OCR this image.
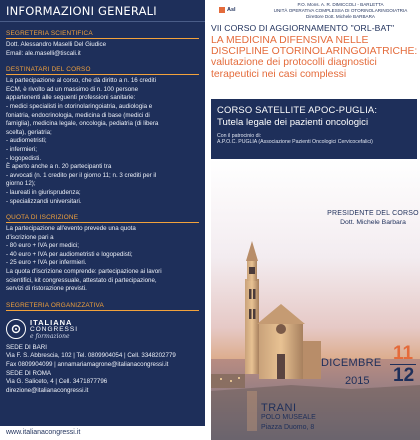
INFORMAZIONI GENERALI
SEGRETERIA SCIENTIFICA
Dott. Alessandro Maselli Del Giudice
Email: ale.maselli@tiscali.it
DESTINATARI DEL CORSO
La partecipazione al corso, che dà diritto a n. 16 crediti
ECM, è rivolto ad un massimo di n. 100 persone
appartenenti alle seguenti professioni sanitarie:
- medici specialisti in otorinolaringoiatria, audiologia e
foniatria, endocrinologia, medicina di base (medici di
famiglia), medicina legale, oncologia, pediatria (di libera
scelta), geriatria;
- audiometristi;
- infermieri;
- logopedisti.
È aperto anche a n. 20 partecipanti tra
- avvocati (n. 1 credito per il giorno 11; n. 3 crediti per il
giorno 12);
- laureati in giurisprudenza;
- specializzandi universitari.
QUOTA DI ISCRIZIONE
La partecipazione all'evento prevede una quota
d'iscrizione pari a
- 80 euro + IVA per medici;
- 40 euro + IVA per audiometristi e logopedisti;
- 25 euro + IVA per infermieri.
La quota d'iscrizione comprende: partecipazione ai lavori
scientifici, kit congressuale, attestato di partecipazione,
servizi di ristorazione previsti.
SEGRETERIA ORGANIZZATIVA
ITALIANA
CONGRESSI
e formazione
SEDE DI BARI
Via F. S. Abbrescia, 102 | Tel. 0809904054 | Cell. 3348202779
Fax 0809904099 | annamariamagrone@italianacongressi.it
SEDE DI ROMA
Via G. Saliceto, 4 | Cell. 3471877796
direzione@italianacongressi.it
www.italianacongressi.it
Asl
P.O. Mons. A. R. DIMICCOLI - BARLETTA
UNITÀ OPERATIVA COMPLESSA DI OTORINOLARINGOIATRIA
Direttore Dott. Michele BARBARA
VII CORSO DI AGGIORNAMENTO "ORL-BAT"
LA MEDICINA DIFENSIVA NELLE
DISCIPLINE OTORINOLARINGOIATRICHE:
valutazione dei protocolli diagnostici
terapeutici nei casi complessi
CORSO SATELLITE APOC-PUGLIA:
Tutela legale dei pazienti oncologici
Con il patrocinio di:
A.P.O.C. PUGLIA (Associazione Pazienti Oncologici Cervicocefalici)
PRESIDENTE DEL CORSO
Dott. Michele Barbara
DICEMBRE
2015
11
12
TRANI
POLO MUSEALE
Piazza Duomo, 8
